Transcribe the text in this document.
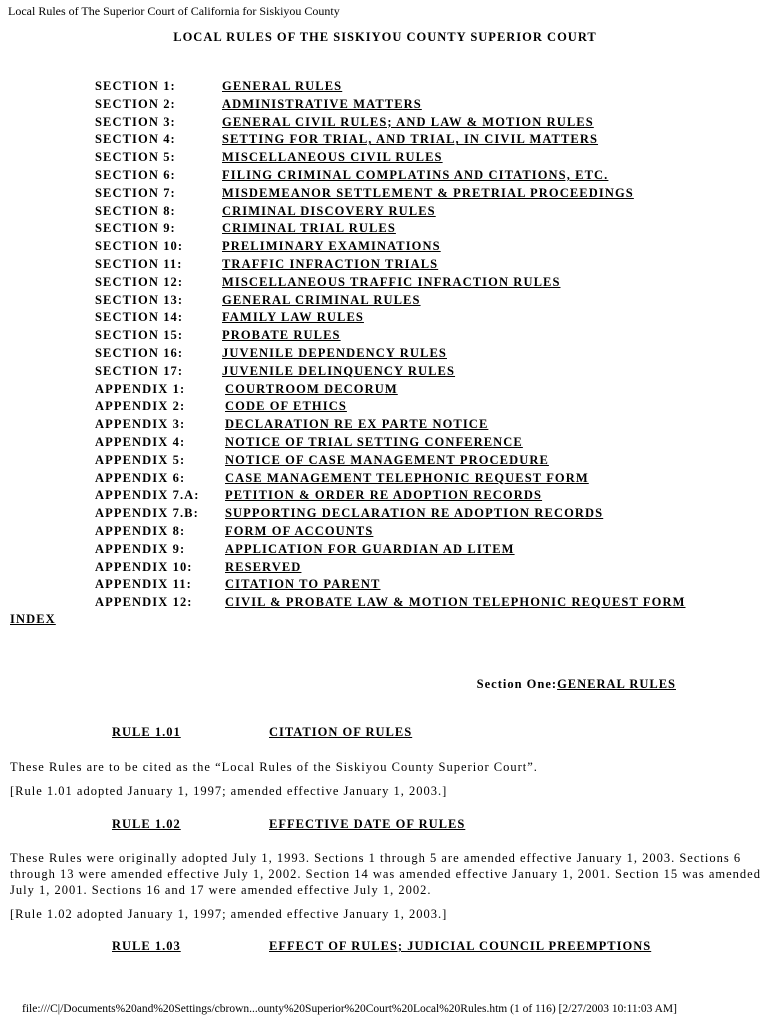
Local Rules of The Superior Court of California for Siskiyou County
LOCAL RULES OF THE SISKIYOU COUNTY SUPERIOR COURT
SECTION 1:	GENERAL RULES
SECTION 2:	ADMINISTRATIVE MATTERS
SECTION 3:	GENERAL CIVIL RULES; AND LAW & MOTION RULES
SECTION 4:	SETTING FOR TRIAL, AND TRIAL, IN CIVIL MATTERS
SECTION 5:	MISCELLANEOUS CIVIL RULES
SECTION 6:	FILING CRIMINAL COMPLATINS AND CITATIONS, ETC.
SECTION 7:	MISDEMEANOR SETTLEMENT & PRETRIAL PROCEEDINGS
SECTION 8:	CRIMINAL DISCOVERY RULES
SECTION 9:	CRIMINAL TRIAL RULES
SECTION 10:	PRELIMINARY EXAMINATIONS
SECTION 11:	TRAFFIC INFRACTION TRIALS
SECTION 12:	MISCELLANEOUS TRAFFIC INFRACTION RULES
SECTION 13:	GENERAL CRIMINAL RULES
SECTION 14:	FAMILY LAW RULES
SECTION 15:	PROBATE RULES
SECTION 16:	JUVENILE DEPENDENCY RULES
SECTION 17:	JUVENILE DELINQUENCY RULES
APPENDIX 1:	COURTROOM DECORUM
APPENDIX 2:	CODE OF ETHICS
APPENDIX 3:	DECLARATION RE EX PARTE NOTICE
APPENDIX 4:	NOTICE OF TRIAL SETTING CONFERENCE
APPENDIX 5:	NOTICE OF CASE MANAGEMENT PROCEDURE
APPENDIX 6:	CASE MANAGEMENT TELEPHONIC REQUEST FORM
APPENDIX 7.A: PETITION & ORDER RE ADOPTION RECORDS
APPENDIX 7.B: SUPPORTING DECLARATION RE ADOPTION RECORDS
APPENDIX 8:	FORM OF ACCOUNTS
APPENDIX 9:	APPLICATION FOR GUARDIAN AD LITEM
APPENDIX 10:	RESERVED
APPENDIX 11:	CITATION TO PARENT
APPENDIX 12:	CIVIL & PROBATE LAW & MOTION TELEPHONIC REQUEST FORM
INDEX
Section One:GENERAL RULES
RULE 1.01	CITATION OF RULES
These Rules are to be cited as the “Local Rules of the Siskiyou County Superior Court”.
[Rule 1.01 adopted January 1, 1997; amended effective January 1, 2003.]
RULE 1.02	EFFECTIVE DATE OF RULES
These Rules were originally adopted July 1, 1993. Sections 1 through 5 are amended effective January 1, 2003. Sections 6 through 13 were amended effective July 1, 2002. Section 14 was amended effective January 1, 2001. Section 15 was amended July 1, 2001. Sections 16 and 17 were amended effective July 1, 2002.
[Rule 1.02 adopted January 1, 1997; amended effective January 1, 2003.]
RULE 1.03	EFFECT OF RULES; JUDICIAL COUNCIL PREEMPTIONS
file:///C|/Documents%20and%20Settings/cbrown...ounty%20Superior%20Court%20Local%20Rules.htm (1 of 116) [2/27/2003 10:11:03 AM]
